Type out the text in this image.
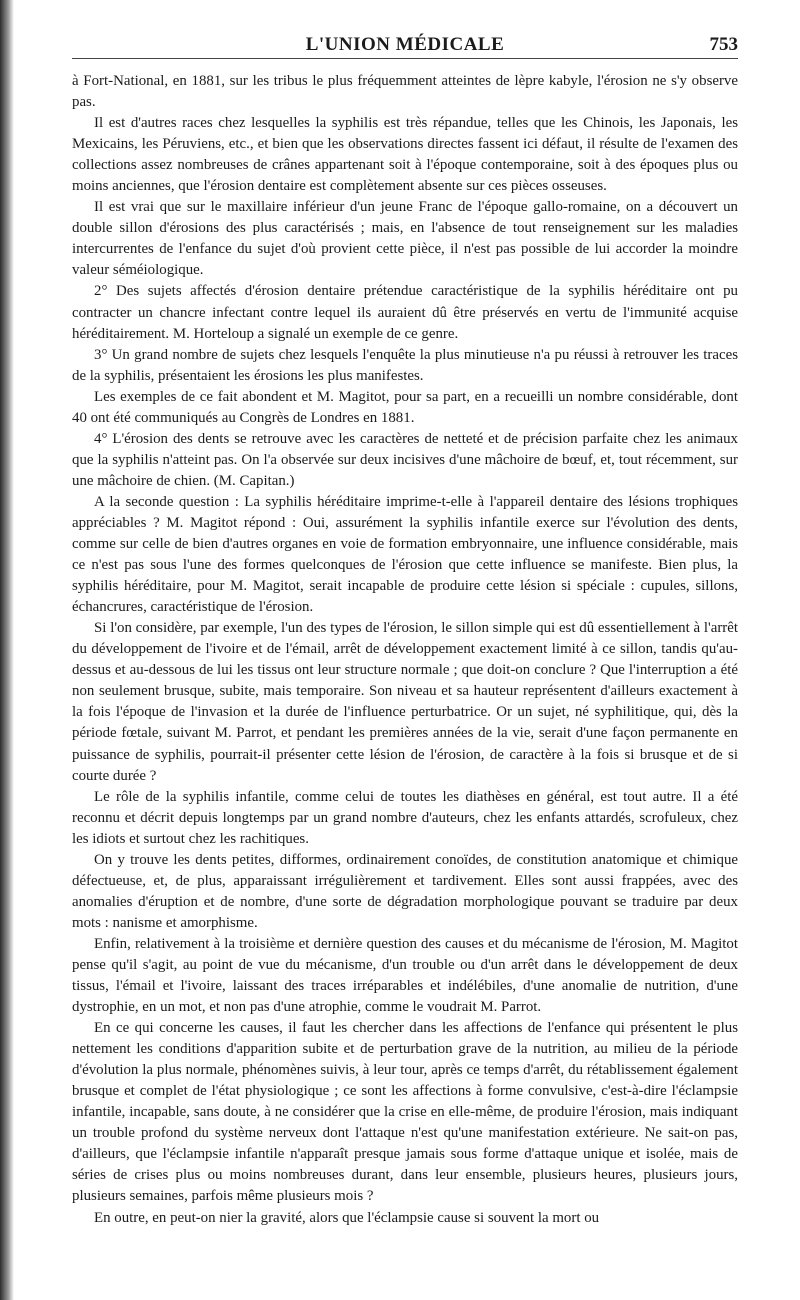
L'UNION MÉDICALE	753

à Fort-National, en 1881, sur les tribus le plus fréquemment atteintes de lèpre kabyle, l'érosion ne s'y observe pas.

Il est d'autres races chez lesquelles la syphilis est très répandue, telles que les Chinois, les Japonais, les Mexicains, les Péruviens, etc., et bien que les observations directes fassent ici défaut, il résulte de l'examen des collections assez nombreuses de crânes appartenant soit à l'époque contemporaine, soit à des époques plus ou moins anciennes, que l'érosion dentaire est complètement absente sur ces pièces osseuses.

Il est vrai que sur le maxillaire inférieur d'un jeune Franc de l'époque gallo-romaine, on a découvert un double sillon d'érosions des plus caractérisés ; mais, en l'absence de tout renseignement sur les maladies intercurrentes de l'enfance du sujet d'où provient cette pièce, il n'est pas possible de lui accorder la moindre valeur séméiologique.

2° Des sujets affectés d'érosion dentaire prétendue caractéristique de la syphilis héréditaire ont pu contracter un chancre infectant contre lequel ils auraient dû être préservés en vertu de l'immunité acquise héréditairement. M. Horteloup a signalé un exemple de ce genre.

3° Un grand nombre de sujets chez lesquels l'enquête la plus minutieuse n'a pu réussi à retrouver les traces de la syphilis, présentaient les érosions les plus manifestes.

Les exemples de ce fait abondent et M. Magitot, pour sa part, en a recueilli un nombre considérable, dont 40 ont été communiqués au Congrès de Londres en 1881.

4° L'érosion des dents se retrouve avec les caractères de netteté et de précision parfaite chez les animaux que la syphilis n'atteint pas. On l'a observée sur deux incisives d'une mâchoire de bœuf, et, tout récemment, sur une mâchoire de chien. (M. Capitan.)

A la seconde question : La syphilis héréditaire imprime-t-elle à l'appareil dentaire des lésions trophiques appréciables ? M. Magitot répond : Oui, assurément la syphilis infantile exerce sur l'évolution des dents, comme sur celle de bien d'autres organes en voie de formation embryonnaire, une influence considérable, mais ce n'est pas sous l'une des formes quelconques de l'érosion que cette influence se manifeste. Bien plus, la syphilis héréditaire, pour M. Magitot, serait incapable de produire cette lésion si spéciale : cupules, sillons, échancrures, caractéristique de l'érosion.

Si l'on considère, par exemple, l'un des types de l'érosion, le sillon simple qui est dû essentiellement à l'arrêt du développement de l'ivoire et de l'émail, arrêt de développement exactement limité à ce sillon, tandis qu'au-dessus et au-dessous de lui les tissus ont leur structure normale ; que doit-on conclure ? Que l'interruption a été non seulement brusque, subite, mais temporaire. Son niveau et sa hauteur représentent d'ailleurs exactement à la fois l'époque de l'invasion et la durée de l'influence perturbatrice. Or un sujet, né syphilitique, qui, dès la période fœtale, suivant M. Parrot, et pendant les premières années de la vie, serait d'une façon permanente en puissance de syphilis, pourrait-il présenter cette lésion de l'érosion, de caractère à la fois si brusque et de si courte durée ?

Le rôle de la syphilis infantile, comme celui de toutes les diathèses en général, est tout autre. Il a été reconnu et décrit depuis longtemps par un grand nombre d'auteurs, chez les enfants attardés, scrofuleux, chez les idiots et surtout chez les rachitiques.

On y trouve les dents petites, difformes, ordinairement conoïdes, de constitution anatomique et chimique défectueuse, et, de plus, apparaissant irrégulièrement et tardivement. Elles sont aussi frappées, avec des anomalies d'éruption et de nombre, d'une sorte de dégradation morphologique pouvant se traduire par deux mots : nanisme et amorphisme.

Enfin, relativement à la troisième et dernière question des causes et du mécanisme de l'érosion, M. Magitot pense qu'il s'agit, au point de vue du mécanisme, d'un trouble ou d'un arrêt dans le développement de deux tissus, l'émail et l'ivoire, laissant des traces irréparables et indélébiles, d'une anomalie de nutrition, d'une dystrophie, en un mot, et non pas d'une atrophie, comme le voudrait M. Parrot.

En ce qui concerne les causes, il faut les chercher dans les affections de l'enfance qui présentent le plus nettement les conditions d'apparition subite et de perturbation grave de la nutrition, au milieu de la période d'évolution la plus normale, phénomènes suivis, à leur tour, après ce temps d'arrêt, du rétablissement également brusque et complet de l'état physiologique ; ce sont les affections à forme convulsive, c'est-à-dire l'éclampsie infantile, incapable, sans doute, à ne considérer que la crise en elle-même, de produire l'érosion, mais indiquant un trouble profond du système nerveux dont l'attaque n'est qu'une manifestation extérieure. Ne sait-on pas, d'ailleurs, que l'éclampsie infantile n'apparaît presque jamais sous forme d'attaque unique et isolée, mais de séries de crises plus ou moins nombreuses durant, dans leur ensemble, plusieurs heures, plusieurs jours, plusieurs semaines, parfois même plusieurs mois ?

En outre, en peut-on nier la gravité, alors que l'éclampsie cause si souvent la mort ou
